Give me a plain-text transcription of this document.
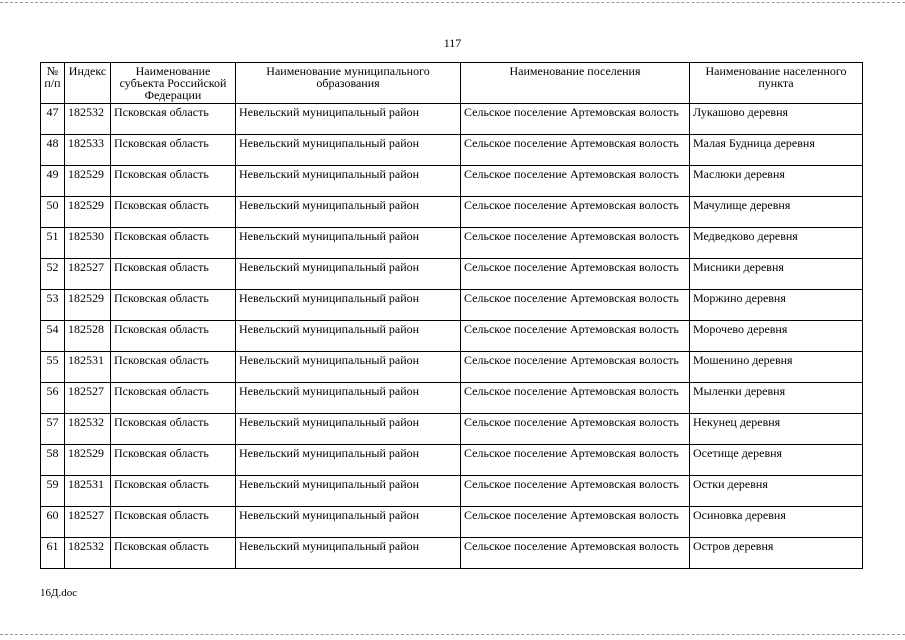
117
№ п/п	Индекс	Наименование субъекта Российской Федерации	Наименование муниципального образования	Наименование поселения	Наименование населенного пункта
47	182532	Псковская область	Невельский муниципальный район	Сельское поселение Артемовская волость	Лукашово деревня
48	182533	Псковская область	Невельский муниципальный район	Сельское поселение Артемовская волость	Малая Будница деревня
49	182529	Псковская область	Невельский муниципальный район	Сельское поселение Артемовская волость	Маслюки деревня
50	182529	Псковская область	Невельский муниципальный район	Сельское поселение Артемовская волость	Мачулище деревня
51	182530	Псковская область	Невельский муниципальный район	Сельское поселение Артемовская волость	Медведково деревня
52	182527	Псковская область	Невельский муниципальный район	Сельское поселение Артемовская волость	Мисники деревня
53	182529	Псковская область	Невельский муниципальный район	Сельское поселение Артемовская волость	Моржино деревня
54	182528	Псковская область	Невельский муниципальный район	Сельское поселение Артемовская волость	Морочево деревня
55	182531	Псковская область	Невельский муниципальный район	Сельское поселение Артемовская волость	Мошенино деревня
56	182527	Псковская область	Невельский муниципальный район	Сельское поселение Артемовская волость	Мыленки деревня
57	182532	Псковская область	Невельский муниципальный район	Сельское поселение Артемовская волость	Некунец деревня
58	182529	Псковская область	Невельский муниципальный район	Сельское поселение Артемовская волость	Осетище деревня
59	182531	Псковская область	Невельский муниципальный район	Сельское поселение Артемовская волость	Остки деревня
60	182527	Псковская область	Невельский муниципальный район	Сельское поселение Артемовская волость	Осиновка деревня
61	182532	Псковская область	Невельский муниципальный район	Сельское поселение Артемовская волость	Остров деревня
16Д.doc
